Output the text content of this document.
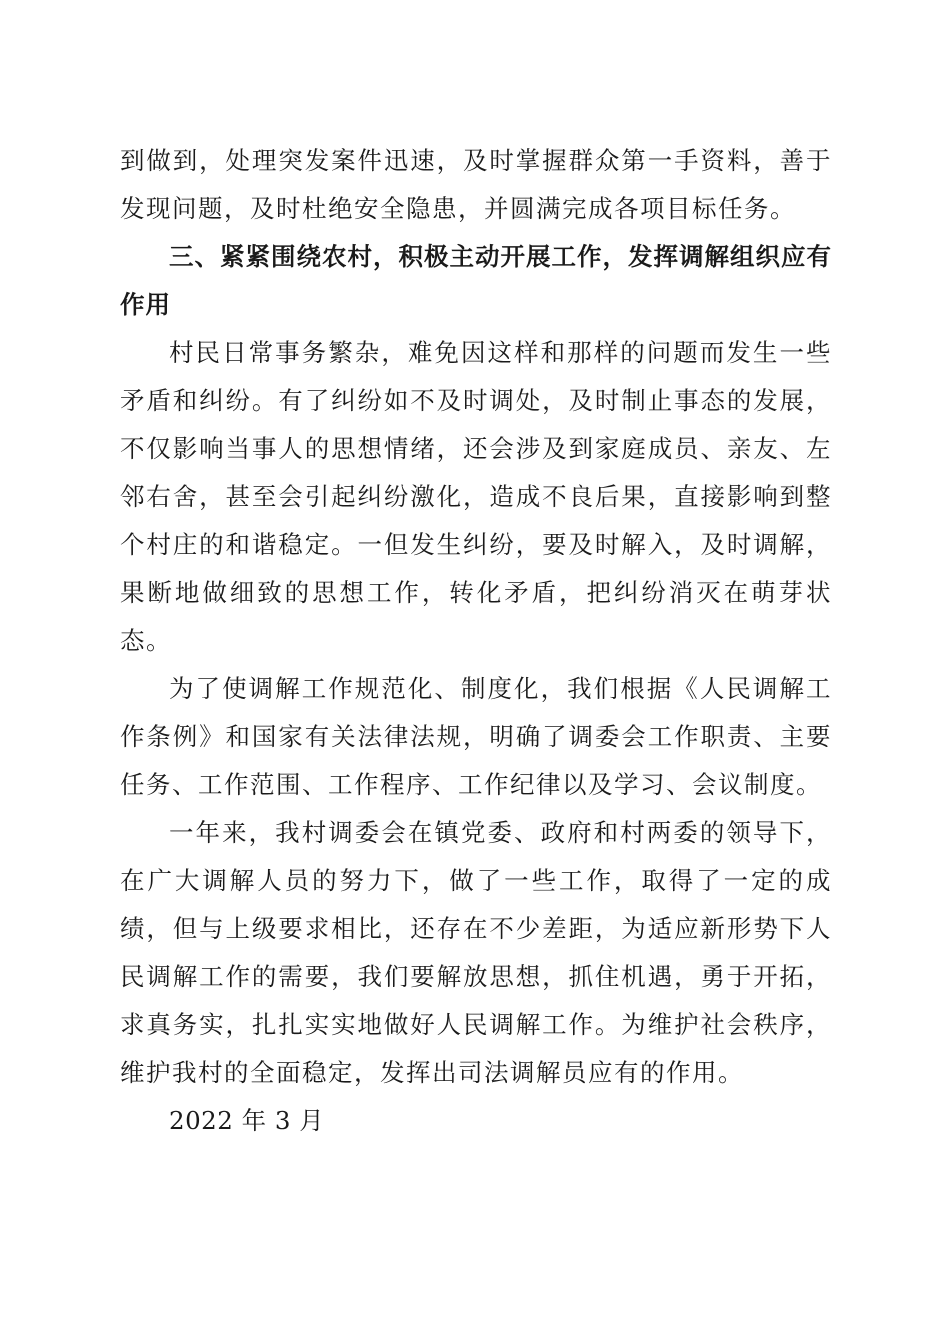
到做到，处理突发案件迅速，及时掌握群众第一手资料，善于发现问题，及时杜绝安全隐患，并圆满完成各项目标任务。

三、紧紧围绕农村，积极主动开展工作，发挥调解组织应有作用

村民日常事务繁杂，难免因这样和那样的问题而发生一些矛盾和纠纷。有了纠纷如不及时调处，及时制止事态的发展，不仅影响当事人的思想情绪，还会涉及到家庭成员、亲友、左邻右舍，甚至会引起纠纷激化，造成不良后果，直接影响到整个村庄的和谐稳定。一但发生纠纷，要及时解入，及时调解，果断地做细致的思想工作，转化矛盾，把纠纷消灭在萌芽状态。

为了使调解工作规范化、制度化，我们根据《人民调解工作条例》和国家有关法律法规，明确了调委会工作职责、主要任务、工作范围、工作程序、工作纪律以及学习、会议制度。

一年来，我村调委会在镇党委、政府和村两委的领导下，在广大调解人员的努力下，做了一些工作，取得了一定的成绩，但与上级要求相比，还存在不少差距，为适应新形势下人民调解工作的需要，我们要解放思想，抓住机遇，勇于开拓，求真务实，扎扎实实地做好人民调解工作。为维护社会秩序，维护我村的全面稳定，发挥出司法调解员应有的作用。

2022 年 3 月
